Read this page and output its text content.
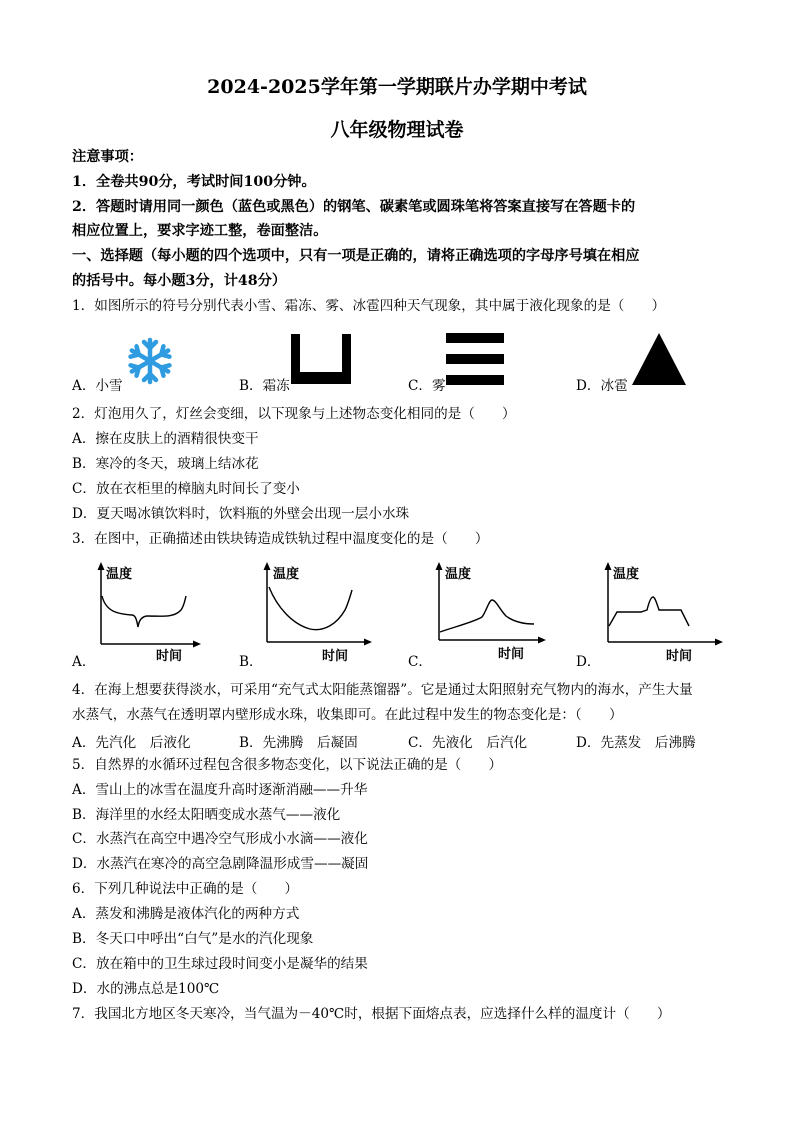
2024-2025学年第一学期联片办学期中考试
八年级物理试卷
注意事项：
1．全卷共90分，考试时间100分钟。
2．答题时请用同一颜色（蓝色或黑色）的钢笔、碳素笔或圆珠笔将答案直接写在答题卡的
相应位置上，要求字迹工整，卷面整洁。
一、选择题（每小题的四个选项中，只有一项是正确的，请将正确选项的字母序号填在相应
的括号中。每小题3分，计48分）
1．如图所示的符号分别代表小雪、霜冻、雾、冰雹四种天气现象，其中属于液化现象的是（　　）
A．小雪	B．霜冻	C．雾	D．冰雹
2．灯泡用久了，灯丝会变细，以下现象与上述物态变化相同的是（　　）
A．擦在皮肤上的酒精很快变干
B．寒冷的冬天，玻璃上结冰花
C．放在衣柜里的樟脑丸时间长了变小
D．夏天喝冰镇饮料时，饮料瓶的外壁会出现一层小水珠
3．在图中，正确描述由铁块铸造成铁轨过程中温度变化的是（　　）
A．
温度
时间	B．
温度
时间	C．
温度
时间	D．
温度
时间
4．在海上想要获得淡水，可采用“充气式太阳能蒸馏器”。它是通过太阳照射充气物内的海水，产生大量
水蒸气，水蒸气在透明罩内壁形成水珠，收集即可。在此过程中发生的物态变化是：（　　）
A．先汽化　后液化	B．先沸腾　后凝固	C．先液化　后汽化	D．先蒸发　后沸腾
5．自然界的水循环过程包含很多物态变化，以下说法正确的是（　　）
A．雪山上的冰雪在温度升高时逐渐消融——升华
B．海洋里的水经太阳晒变成水蒸气——液化
C．水蒸汽在高空中遇冷空气形成小水滴——液化
D．水蒸汽在寒冷的高空急剧降温形成雪——凝固
6．下列几种说法中正确的是（　　）
A．蒸发和沸腾是液体汽化的两种方式
B．冬天口中呼出“白气”是水的汽化现象
C．放在箱中的卫生球过段时间变小是凝华的结果
D．水的沸点总是100℃
7．我国北方地区冬天寒冷，当气温为－40℃时，根据下面熔点表，应选择什么样的温度计（　　）
